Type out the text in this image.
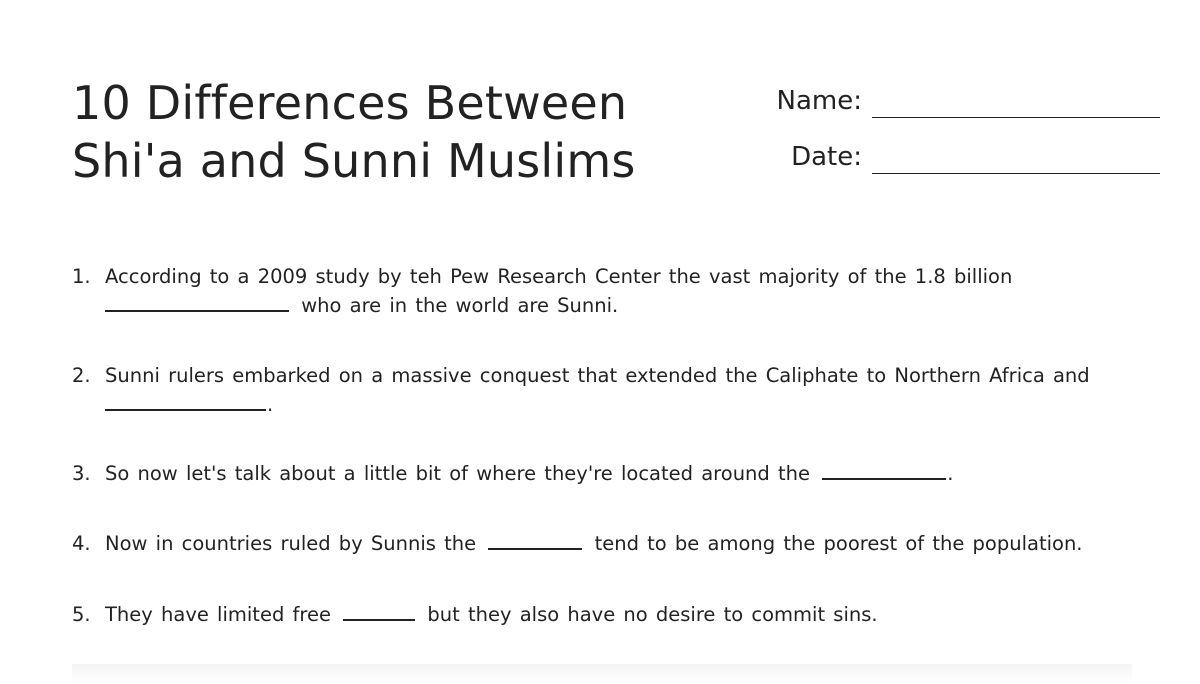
10 Differences Between
Shi'a and Sunni Muslims
Name:
Date:
1. According to a 2009 study by teh Pew Research Center the vast majority of the 1.8 billion
who are in the world are Sunni.
2. Sunni rulers embarked on a massive conquest that extended the Caliphate to Northern Africa and
.
3. So now let's talk about a little bit of where they're located around the	.
4. Now in countries ruled by Sunnis the	tend to be among the poorest of the population.
5. They have limited free	but they also have no desire to commit sins.
